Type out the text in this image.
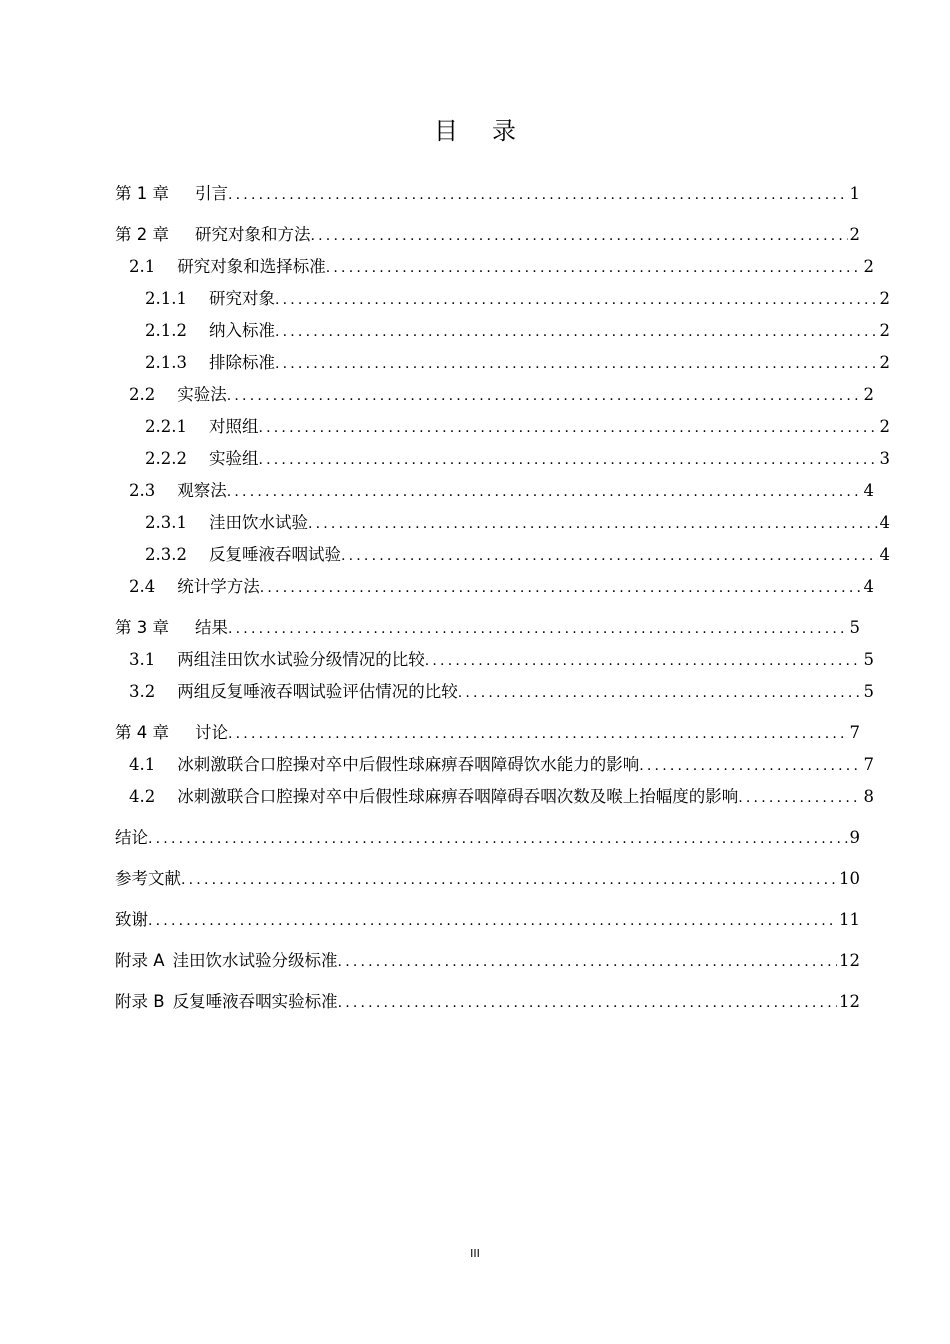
目录
第 1 章 引言 .....	1
第 2 章 研究对象和方法 .....	2
2.1 研究对象和选择标准 .....	2
2.1.1 研究对象 .....	2
2.1.2 纳入标准 .....	2
2.1.3 排除标准 .....	2
2.2 实验法 .....	2
2.2.1 对照组 .....	2
2.2.2 实验组 .....	3
2.3 观察法 .....	4
2.3.1 洼田饮水试验 .....	4
2.3.2 反复唾液吞咽试验 .....	4
2.4 统计学方法 .....	4
第 3 章 结果 .....	5
3.1 两组洼田饮水试验分级情况的比较 .....	5
3.2 两组反复唾液吞咽试验评估情况的比较 .....	5
第 4 章 讨论 .....	7
4.1 冰刺激联合口腔操对卒中后假性球麻痹吞咽障碍饮水能力的影响 .....	7
4.2 冰刺激联合口腔操对卒中后假性球麻痹吞咽障碍吞咽次数及喉上抬幅度的影响 .....	8
结论 .....	9
参考文献 .....	10
致谢 .....	11
附录 A 洼田饮水试验分级标准 .....	12
附录 B 反复唾液吞咽实验标准 .....	12
III
